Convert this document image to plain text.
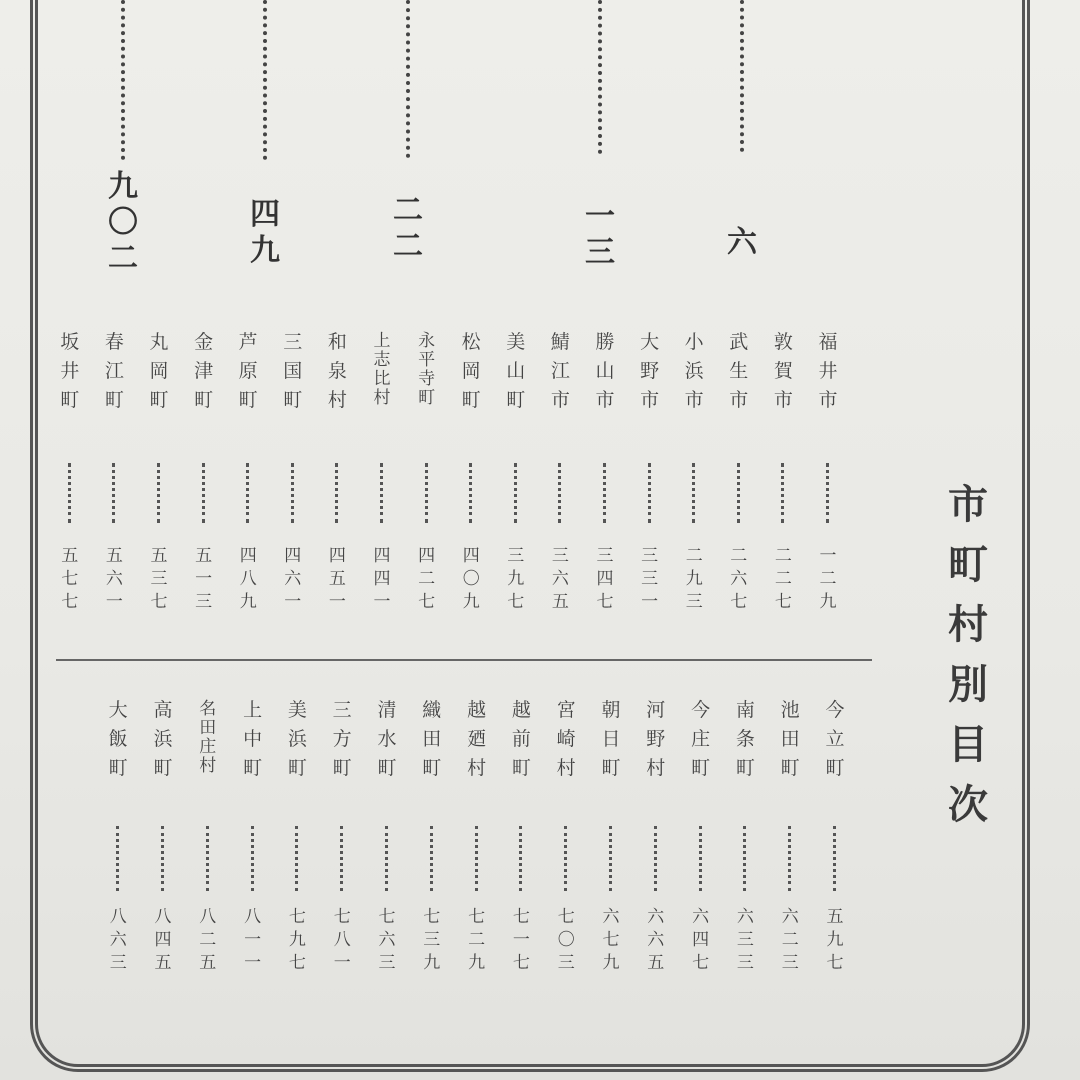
六
一
三
二
二
四
九
九
〇
二
福
井
市
一
二
九
敦
賀
市
二
二
七
武
生
市
二
六
七
小
浜
市
二
九
三
大
野
市
三
三
一
勝
山
市
三
四
七
鯖
江
市
三
六
五
美
山
町
三
九
七
松
岡
町
四
〇
九
永
平
寺
町
四
二
七
上
志
比
村
四
四
一
和
泉
村
四
五
一
三
国
町
四
六
一
芦
原
町
四
八
九
金
津
町
五
一
三
丸
岡
町
五
三
七
春
江
町
五
六
一
坂
井
町
五
七
七
今
立
町
五
九
七
池
田
町
六
二
三
南
条
町
六
三
三
今
庄
町
六
四
七
河
野
村
六
六
五
朝
日
町
六
七
九
宮
崎
村
七
〇
三
越
前
町
七
一
七
越
廼
村
七
二
九
織
田
町
七
三
九
清
水
町
七
六
三
三
方
町
七
八
一
美
浜
町
七
九
七
上
中
町
八
一
一
名
田
庄
村
八
二
五
高
浜
町
八
四
五
大
飯
町
八
六
三
市
町
村
別
目
次
